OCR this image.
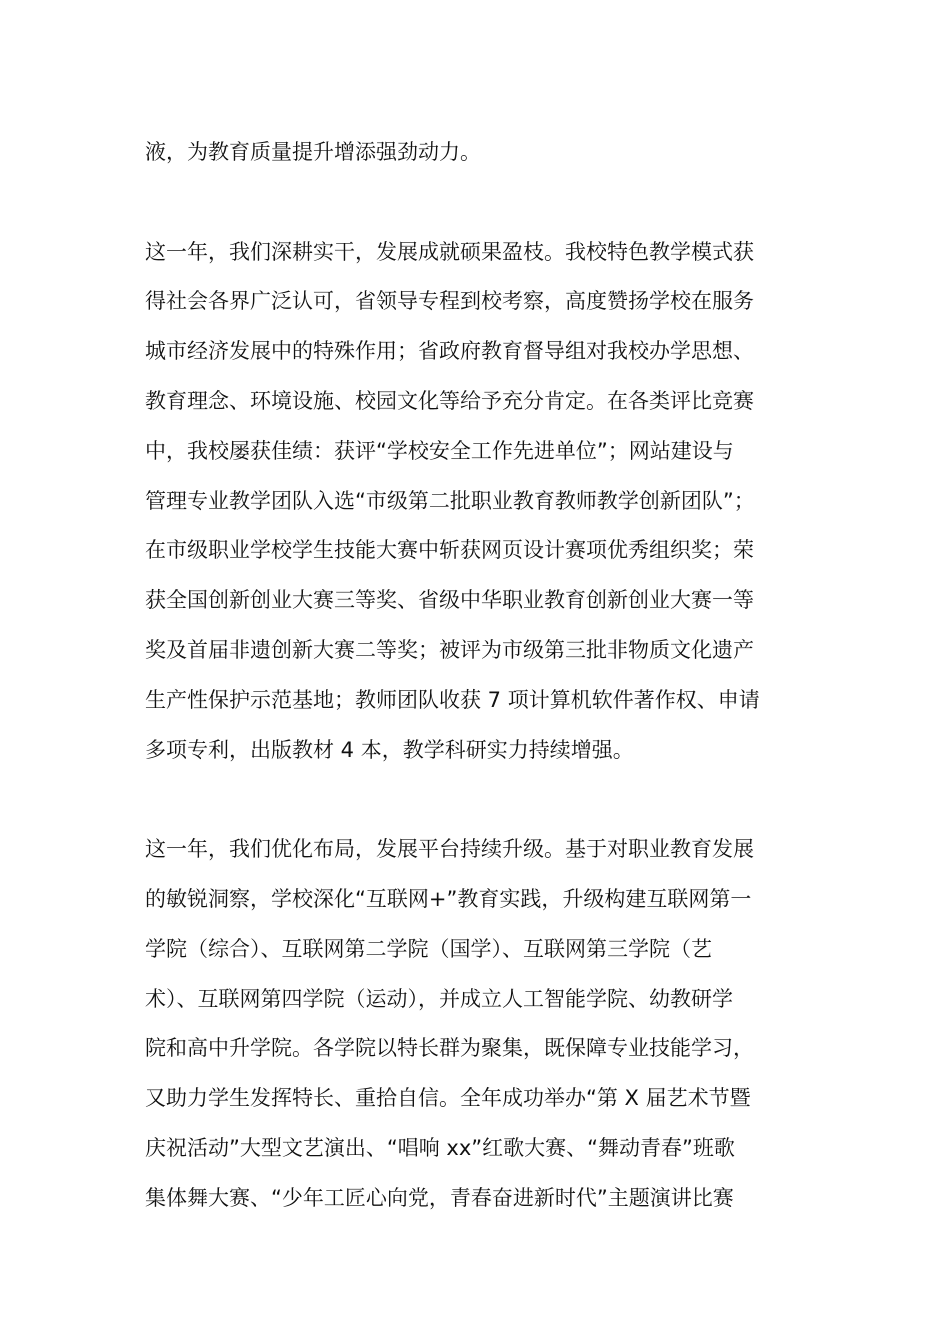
液，为教育质量提升增添强劲动力。

这一年，我们深耕实干，发展成就硕果盈枝。我校特色教学模式获
得社会各界广泛认可，省领导专程到校考察，高度赞扬学校在服务
城市经济发展中的特殊作用；省政府教育督导组对我校办学思想、
教育理念、环境设施、校园文化等给予充分肯定。在各类评比竞赛
中，我校屡获佳绩：获评“学校安全工作先进单位”；网站建设与
管理专业教学团队入选“市级第二批职业教育教师教学创新团队”；
在市级职业学校学生技能大赛中斩获网页设计赛项优秀组织奖；荣
获全国创新创业大赛三等奖、省级中华职业教育创新创业大赛一等
奖及首届非遗创新大赛二等奖；被评为市级第三批非物质文化遗产
生产性保护示范基地；教师团队收获 7 项计算机软件著作权、申请
多项专利，出版教材 4 本，教学科研实力持续增强。

这一年，我们优化布局，发展平台持续升级。基于对职业教育发展
的敏锐洞察，学校深化“互联网+”教育实践，升级构建互联网第一
学院（综合）、互联网第二学院（国学）、互联网第三学院（艺
术）、互联网第四学院（运动），并成立人工智能学院、幼教研学
院和高中升学院。各学院以特长群为聚集，既保障专业技能学习，
又助力学生发挥特长、重拾自信。全年成功举办“第 X 届艺术节暨
庆祝活动”大型文艺演出、“唱响 xx”红歌大赛、“舞动青春”班歌
集体舞大赛、“少年工匠心向党，青春奋进新时代”主题演讲比赛
